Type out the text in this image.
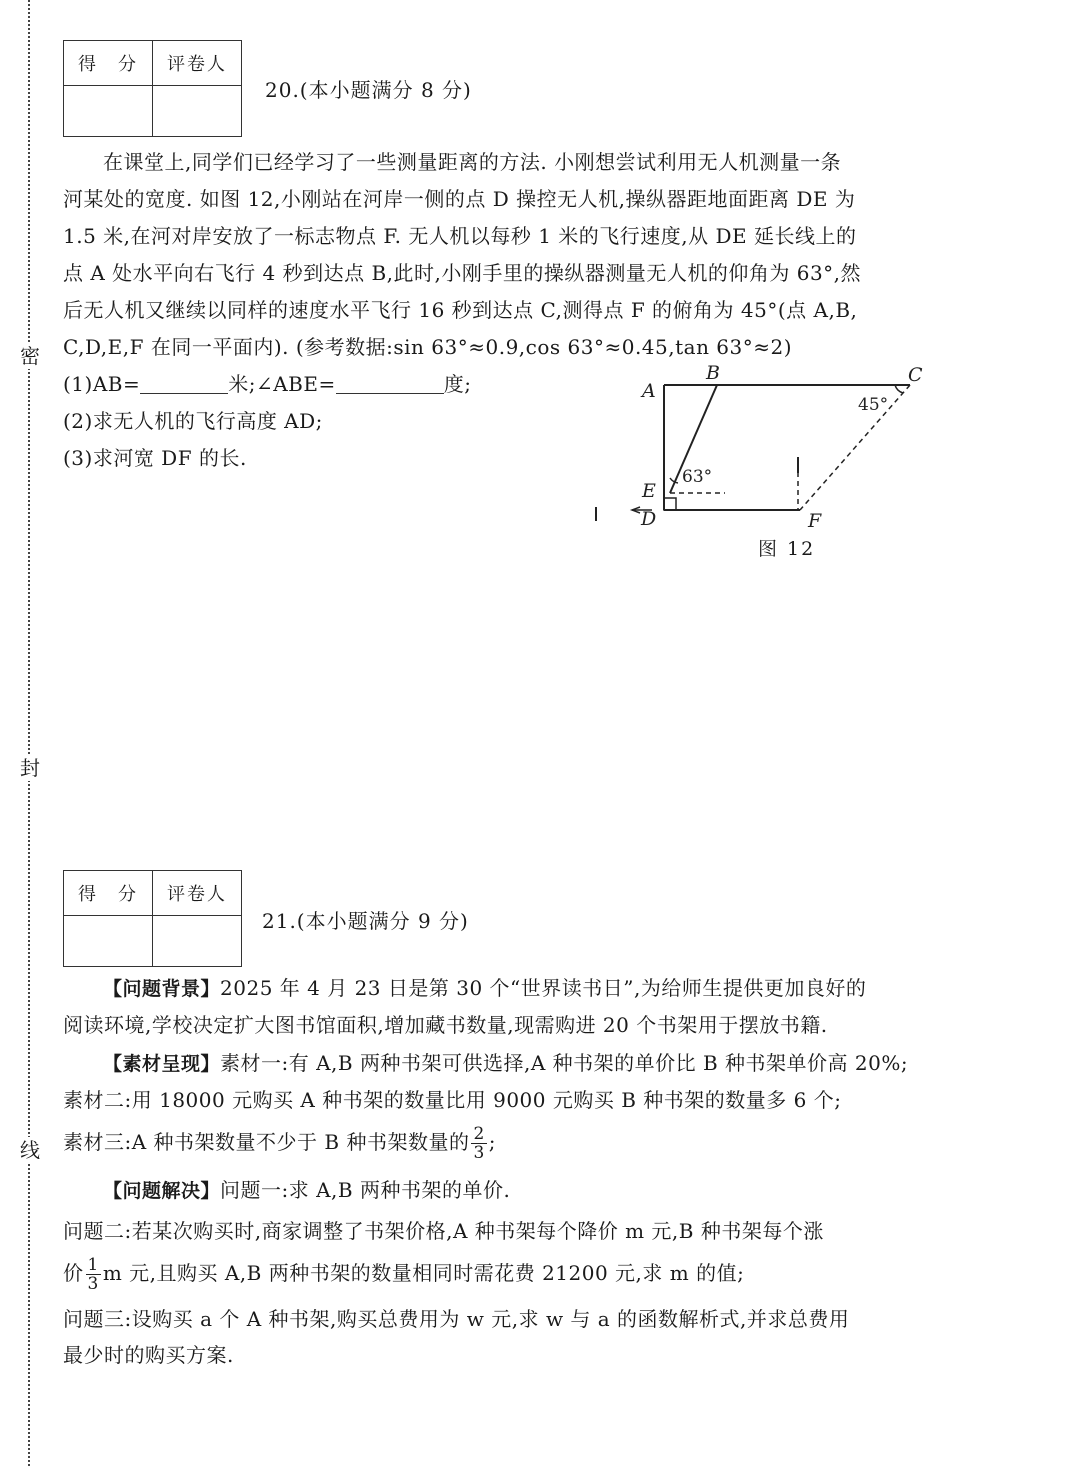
密
封
线
得　分	评卷人

20.(本小题满分 8 分)

在课堂上,同学们已经学习了一些测量距离的方法. 小刚想尝试利用无人机测量一条

河某处的宽度. 如图 12,小刚站在河岸一侧的点 D 操控无人机,操纵器距地面距离 DE 为

1.5 米,在河对岸安放了一标志物点 F. 无人机以每秒 1 米的飞行速度,从 DE 延长线上的

点 A 处水平向右飞行 4 秒到达点 B,此时,小刚手里的操纵器测量无人机的仰角为 63°,然

后无人机又继续以同样的速度水平飞行 16 秒到达点 C,测得点 F 的俯角为 45°(点 A,B,

C,D,E,F 在同一平面内). (参考数据:sin 63°≈0.9,cos 63°≈0.45,tan 63°≈2)

(1)AB=	米;∠ABE=	度;

(2)求无人机的飞行高度 AD;

(3)求河宽 DF 的长.

A
B	C
E
D	F
63°
45°
图 12
得　分	评卷人

21.(本小题满分 9 分)

【问题背景】2025 年 4 月 23 日是第 30 个“世界读书日”,为给师生提供更加良好的

阅读环境,学校决定扩大图书馆面积,增加藏书数量,现需购进 20 个书架用于摆放书籍.

【素材呈现】素材一:有 A,B 两种书架可供选择,A 种书架的单价比 B 种书架单价高 20%;

素材二:用 18000 元购买 A 种书架的数量比用 9000 元购买 B 种书架的数量多 6 个;

素材三:A 种书架数量不少于 B 种书架数量的 $\frac{2}{3}$ ;

【问题解决】问题一:求 A,B 两种书架的单价.

问题二:若某次购买时,商家调整了书架价格,A 种书架每个降价 m 元,B 种书架每个涨

价 $\frac{1}{3}$ m 元,且购买 A,B 两种书架的数量相同时需花费 21200 元,求 m 的值;

问题三:设购买 a 个 A 种书架,购买总费用为 w 元,求 w 与 a 的函数解析式,并求总费用

最少时的购买方案.
